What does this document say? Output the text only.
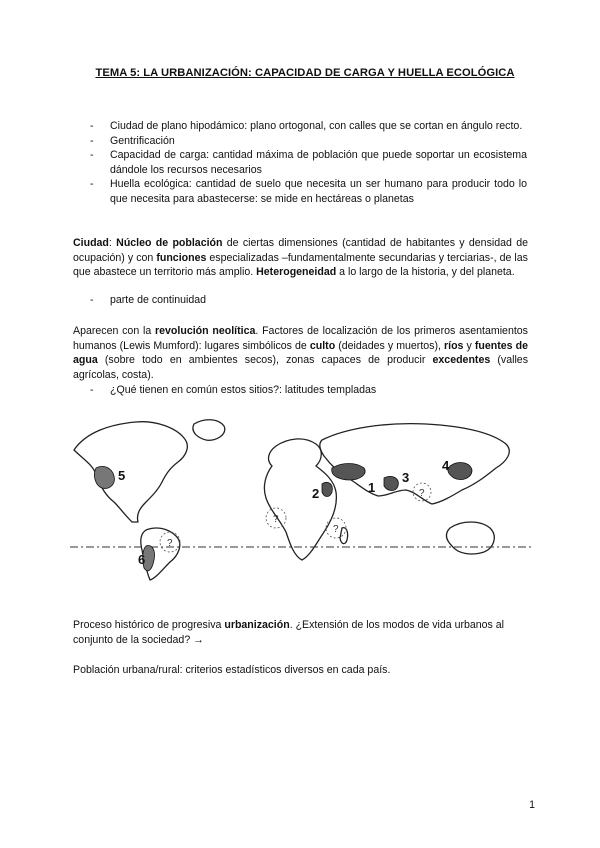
TEMA 5: LA URBANIZACIÓN: CAPACIDAD DE CARGA Y HUELLA ECOLÓGICA
- Ciudad de plano hipodámico: plano ortogonal, con calles que se cortan en ángulo recto.
- Gentrificación
- Capacidad de carga: cantidad máxima de población que puede soportar un ecosistema dándole los recursos necesarios
- Huella ecológica: cantidad de suelo que necesita un ser humano para producir todo lo que necesita para abastecerse: se mide en hectáreas o planetas

Ciudad: Núcleo de población de ciertas dimensiones (cantidad de habitantes y densidad de ocupación) y con funciones especializadas –fundamentalmente secundarias y terciarias-, de las que abastece un territorio más amplio. Heterogeneidad a lo largo de la historia, y del planeta.

- parte de continuidad

Aparecen con la revolución neolítica. Factores de localización de los primeros asentamientos humanos (Lewis Mumford): lugares simbólicos de culto (deidades y muertos), ríos y fuentes de agua (sobre todo en ambientes secos), zonas capaces de producir excedentes (valles agrícolas, costa).

- ¿Qué tienen en común estos sitios?: latitudes templadas
5
6
1
2
3
4
?
?
?
?

Proceso histórico de progresiva urbanización. ¿Extensión de los modos de vida urbanos al conjunto de la sociedad? →

Población urbana/rural: criterios estadísticos diversos en cada país.

1
